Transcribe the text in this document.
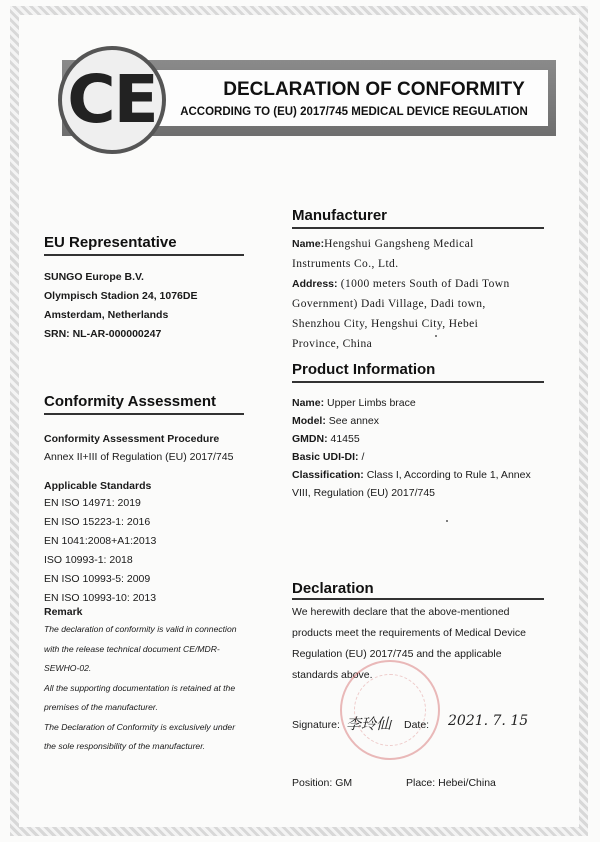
CE	DECLARATION OF CONFORMITY
ACCORDING TO (EU) 2017/745 MEDICAL DEVICE REGULATION
EU Representative
SUNGO Europe B.V.
Olympisch Stadion 24, 1076DE
Amsterdam, Netherlands
SRN: NL-AR-000000247
Conformity Assessment
Conformity Assessment Procedure
Annex II+III of Regulation (EU) 2017/745
Applicable Standards
EN ISO 14971: 2019
EN ISO 15223-1: 2016
EN 1041:2008+A1:2013
ISO 10993-1: 2018
EN ISO 10993-5: 2009
EN ISO 10993-10: 2013
Remark
The declaration of conformity is valid in connection
with the release technical document CE/MDR-
SEWHO-02.
All the supporting documentation is retained at the
premises of the manufacturer.
The Declaration of Conformity is exclusively under
the sole responsibility of the manufacturer.
Manufacturer
Name:Hengshui Gangsheng Medical
Instruments Co., Ltd.
Address: (1000 meters South of Dadi Town
Government) Dadi Village, Dadi town,
Shenzhou City, Hengshui City, Hebei
Province, China
Product Information
Name: Upper Limbs brace
Model: See annex
GMDN: 41455
Basic UDI-DI: /
Classification: Class I, According to Rule 1, Annex
VIII, Regulation (EU) 2017/745
Declaration
We herewith declare that the above-mentioned
products meet the requirements of Medical Device
Regulation (EU) 2017/745 and the applicable
standards above.
Signature: 李玲仙 Date: 2021. 7. 15
Position: GM	Place: Hebei/China
